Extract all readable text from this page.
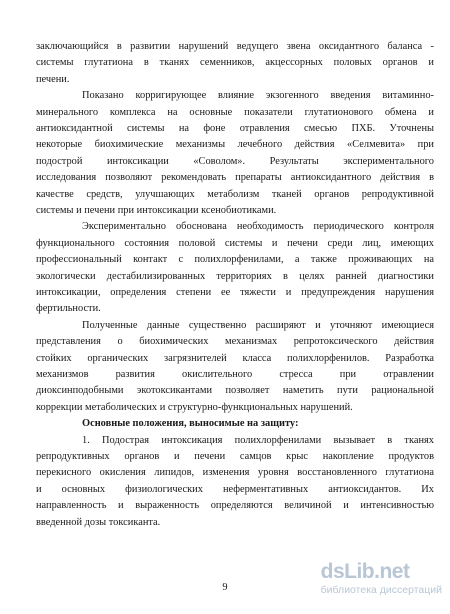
9
dsLib.net
библиотека диссертаций
заключающийся в развитии нарушений ведущего звена оксидантного баланса -
системы глутатиона в тканях семенников, акцессорных половых органов и
печени.
Показано корригирующее влияние экзогенного введения витаминно-
минерального комплекса на основные показатели глутатионового обмена и
антиоксидантной системы на фоне отравления смесью ПХБ. Уточнены
некоторые биохимические механизмы лечебного действия «Селмевита» при
подострой интоксикации «Соволом». Результаты экспериментального
исследования позволяют рекомендовать препараты антиоксидантного действия в
качестве средств, улучшающих метаболизм тканей органов репродуктивной
системы и печени при интоксикации ксенобиотиками.
Экспериментально обоснована необходимость периодического контроля
функционального состояния половой системы и печени среди лиц, имеющих
профессиональный контакт с полихлорфенилами, а также проживающих на
экологически дестабилизированных территориях в целях ранней диагностики
интоксикации, определения степени ее тяжести и предупреждения нарушения
фертильности.
Полученные данные существенно расширяют и уточняют имеющиеся
представления о биохимических механизмах репротоксического действия
стойких органических загрязнителей класса полихлорфенилов. Разработка
механизмов развития окислительного стресса при отравлении
диоксинподобными экотоксикантами позволяет наметить пути рациональной
коррекции метаболических и структурно-функциональных нарушений.
Основные положения, выносимые на защиту:
1. Подострая интоксикация полихлорфенилами вызывает в тканях
репродуктивных органов и печени самцов крыс накопление продуктов
перекисного окисления липидов, изменения уровня восстановленного глутатиона
и основных физиологических неферментативных антиоксидантов. Их
направленность и выраженность определяются величиной и интенсивностью
введенной дозы токсиканта.
